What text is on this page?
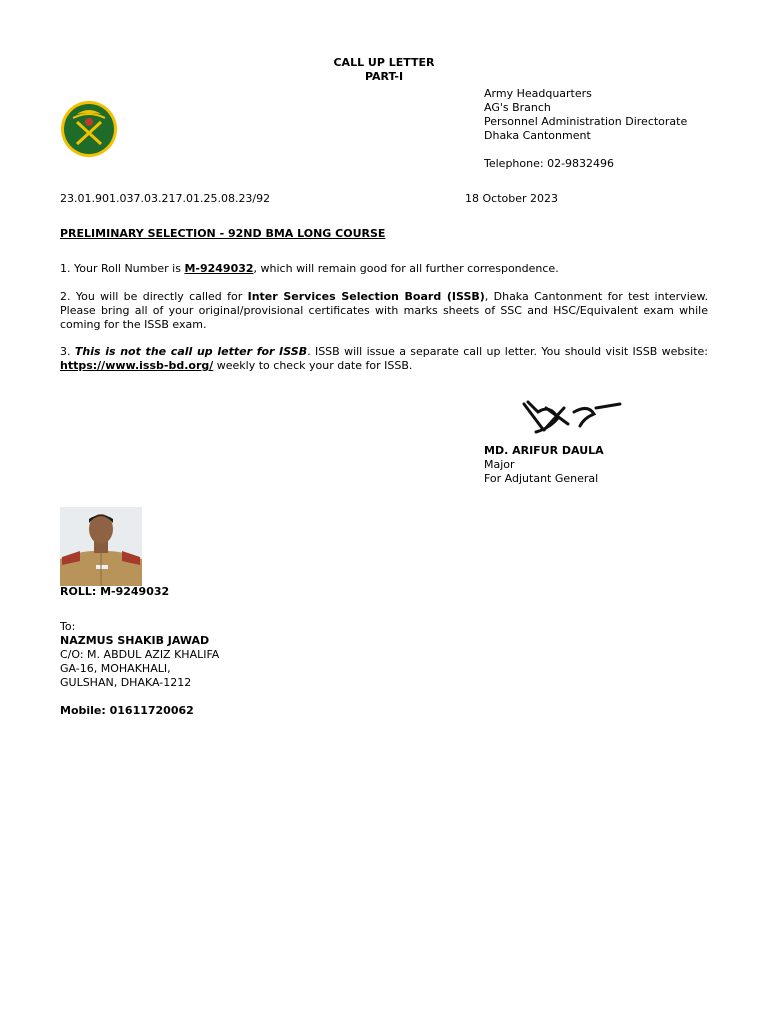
CALL UP LETTER
PART-I
Army Headquarters
AG's Branch
Personnel Administration Directorate
Dhaka Cantonment
Telephone: 02-9832496
23.01.901.037.03.217.01.25.08.23/92	18 October 2023
PRELIMINARY SELECTION - 92ND BMA LONG COURSE
1. Your Roll Number is M-9249032, which will remain good for all further correspondence.
2. You will be directly called for Inter Services Selection Board (ISSB), Dhaka Cantonment for test interview. Please bring all of your original/provisional certificates with marks sheets of SSC and HSC/Equivalent exam while coming for the ISSB exam.
3. This is not the call up letter for ISSB. ISSB will issue a separate call up letter. You should visit ISSB website: https://www.issb-bd.org/ weekly to check your date for ISSB.
MD. ARIFUR DAULA
Major
For Adjutant General
ROLL: M-9249032
To:
NAZMUS SHAKIB JAWAD
C/O: M. ABDUL AZIZ KHALIFA
GA-16, MOHAKHALI,
GULSHAN, DHAKA-1212
Mobile: 01611720062
